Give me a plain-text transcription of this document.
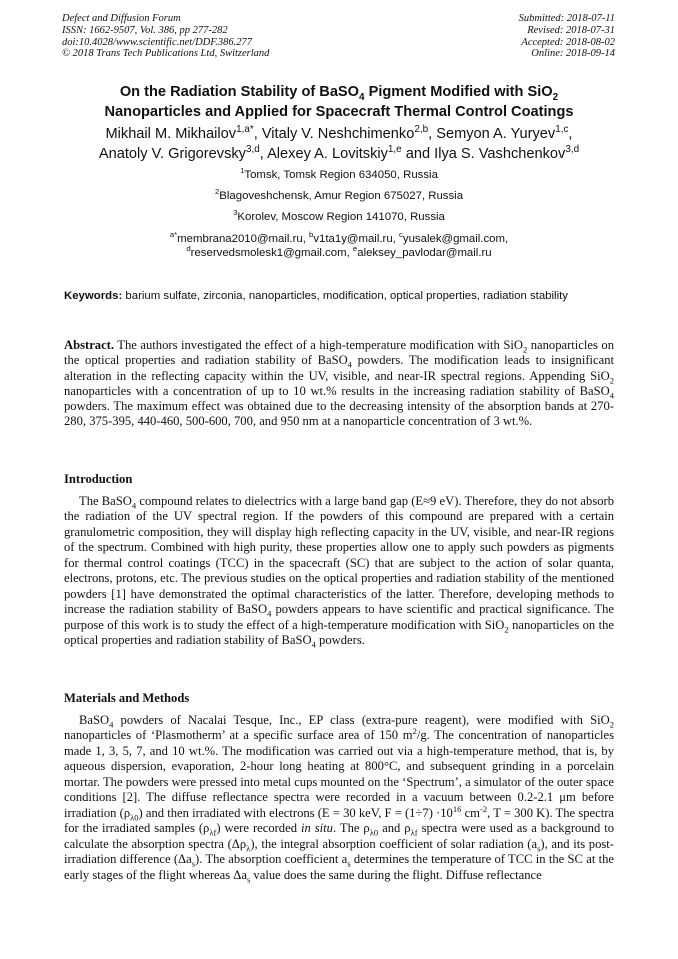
Defect and Diffusion Forum
ISSN: 1662-9507, Vol. 386, pp 277-282
doi:10.4028/www.scientific.net/DDF.386.277
© 2018 Trans Tech Publications Ltd, Switzerland
Submitted: 2018-07-11
Revised: 2018-07-31
Accepted: 2018-08-02
Online: 2018-09-14
On the Radiation Stability of BaSO$_4$ Pigment Modified with SiO$_2$
Nanoparticles and Applied for Spacecraft Thermal Control Coatings
Mikhail M. Mikhailov$^{1,a*}$, Vitaly V. Neshchimenko$^{2,b}$, Semyon A. Yuryev$^{1,c}$,
Anatoly V. Grigorevsky$^{3,d}$, Alexey A. Lovitskiy$^{1,e}$ and Ilya S. Vashchenkov$^{3,d}$
$^1$Tomsk, Tomsk Region 634050, Russia
$^2$Blagoveshchensk, Amur Region 675027, Russia
$^3$Korolev, Moscow Region 141070, Russia
$^{a*}$membrana2010@mail.ru, $^b$v1ta1y@mail.ru, $^c$yusalek@gmail.com,
$^d$reservedsmolesk1@gmail.com, $^e$aleksey_pavlodar@mail.ru
Keywords: barium sulfate, zirconia, nanoparticles, modification, optical properties, radiation stability
Abstract. The authors investigated the effect of a high-temperature modification with SiO$_2$ nanoparticles on the optical properties and radiation stability of BaSO$_4$ powders. The modification leads to insignificant alteration in the reflecting capacity within the UV, visible, and near-IR spectral regions. Appending SiO$_2$ nanoparticles with a concentration of up to 10 wt.% results in the increasing radiation stability of BaSO$_4$ powders. The maximum effect was obtained due to the decreasing intensity of the absorption bands at 270-280, 375-395, 440-460, 500-600, 700, and 950 nm at a nanoparticle concentration of 3 wt.%.
Introduction

The BaSO$_4$ compound relates to dielectrics with a large band gap (E≈9 eV). Therefore, they do not absorb the radiation of the UV spectral region. If the powders of this compound are prepared with a certain granulometric composition, they will display high reflecting capacity in the UV, visible, and near-IR regions of the spectrum. Combined with high purity, these properties allow one to apply such powders as pigments for thermal control coatings (TCC) in the spacecraft (SC) that are subject to the action of solar quanta, electrons, protons, etc. The previous studies on the optical properties and radiation stability of the mentioned powders [1] have demonstrated the optimal characteristics of the latter. Therefore, developing methods to increase the radiation stability of BaSO$_4$ powders appears to have scientific and practical significance. The purpose of this work is to study the effect of a high-temperature modification with SiO$_2$ nanoparticles on the optical properties and radiation stability of BaSO$_4$ powders.

Materials and Methods

BaSO$_4$ powders of Nacalai Tesque, Inc., EP class (extra-pure reagent), were modified with SiO$_2$ nanoparticles of ‘Plasmotherm’ at a specific surface area of 150 $m^2/g$. The concentration of nanoparticles made 1, 3, 5, 7, and 10 wt.%. The modification was carried out via a high-temperature method, that is, by aqueous dispersion, evaporation, 2-hour long heating at 800°C, and subsequent grinding in a porcelain mortar. The powders were pressed into metal cups mounted on the ‘Spectrum’, a simulator of the outer space conditions [2]. The diffuse reflectance spectra were recorded in a vacuum between 0.2-2.1 μm before irradiation $(\rho_{\lambda 0})$ and then irradiated with electrons (E = 30 keV, $F = (1\div 7) \cdot 10^{16}$ $cm^{-2}$, T = 300 K). The spectra for the irradiated samples $(\rho_{\lambda f})$ were recorded in situ. The $\rho_{\lambda 0}$ and $\rho_{\lambda f}$ spectra were used as a background to calculate the absorption spectra $(\Delta\rho_\lambda)$, the integral absorption coefficient of solar radiation $(a_s)$, and its post-irradiation difference $(\Delta a_s)$. The absorption coefficient $a_s$ determines the temperature of TCC in the SC at the early stages of the flight whereas $\Delta a_s$ value does the same during the flight. Diffuse reflectance
